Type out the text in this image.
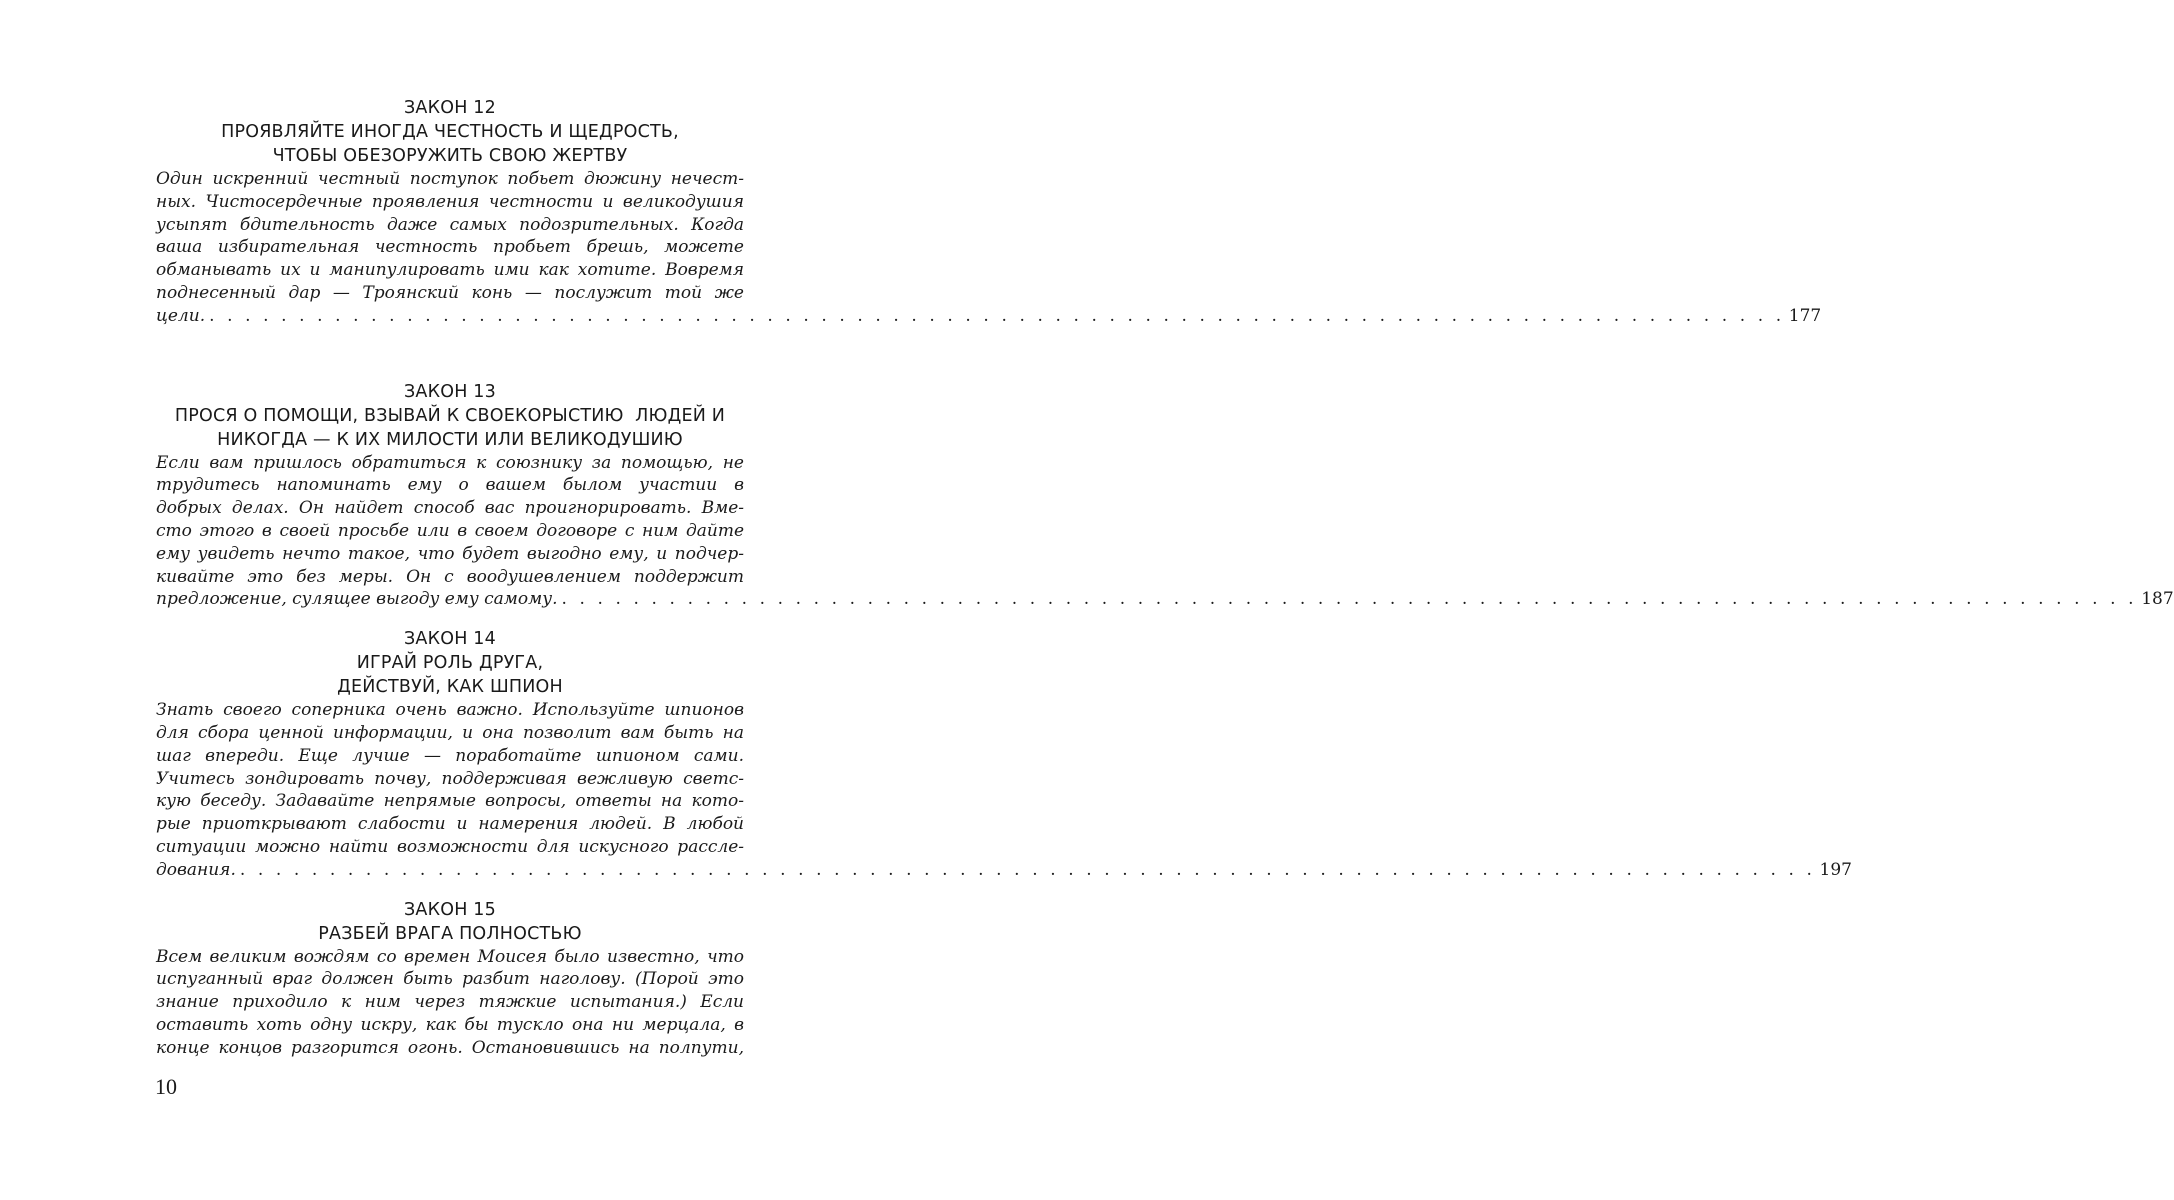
ЗАКОН 12
ПРОЯВЛЯЙТЕ ИНОГДА ЧЕСТНОСТЬ И ЩЕДРОСТЬ,
ЧТОБЫ ОБЕЗОРУЖИТЬ СВОЮ ЖЕРТВУ
Один искренний честный поступок побьет дюжину нечест-
ных. Чистосердечные проявления честности и великодушия
усыпят бдительность даже самых подозрительных. Когда
ваша избирательная честность пробьет брешь, можете
обманывать их и манипулировать ими как хотите. Вовремя
поднесенный дар — Троянский конь — послужит той же
цели. . . . . . . . . . . . . . . . . . . . . . . . . . . . . . . . . . . . . . . . . . . . . . . . . . . . . . . . . . . . . . . . . . . . . . . . . . . . . . . . . . . . . . . . . 177
ЗАКОН 13
ПРОСЯ О ПОМОЩИ, ВЗЫВАЙ К СВОЕКОРЫСТИЮ  ЛЮДЕЙ И
НИКОГДА — К ИХ МИЛОСТИ ИЛИ ВЕЛИКОДУШИЮ
Если вам пришлось обратиться к союзнику за помощью, не
трудитесь напоминать ему о вашем былом участии в
добрых делах. Он найдет способ вас проигнорировать. Вме-
сто этого в своей просьбе или в своем договоре с ним дайте
ему увидеть нечто такое, что будет выгодно ему, и подчер-
кивайте это без меры. Он с воодушевлением поддержит
предложение, сулящее выгоду ему самому. . . . . . . . . . . . . . . . . . . . . . . . . . . . . . . . . . . . . . . . . . . . . . . . . . . . . . . . . . . . . . . . . . . . . . . . . . . . . . . . . . . . . . . . . 187
ЗАКОН 14
ИГРАЙ РОЛЬ ДРУГА,
ДЕЙСТВУЙ, КАК ШПИОН
Знать своего соперника очень важно. Используйте шпионов
для сбора ценной информации, и она позволит вам быть на
шаг впереди. Еще лучше — поработайте шпионом сами.
Учитесь зондировать почву, поддерживая вежливую светс-
кую беседу. Задавайте непрямые вопросы, ответы на кото-
рые приоткрывают слабости и намерения людей. В любой
ситуации можно найти возможности для искусного рассле-
дования. . . . . . . . . . . . . . . . . . . . . . . . . . . . . . . . . . . . . . . . . . . . . . . . . . . . . . . . . . . . . . . . . . . . . . . . . . . . . . . . . . . . . . . . . 197
ЗАКОН 15
РАЗБЕЙ ВРАГА ПОЛНОСТЬЮ
Всем великим вождям со времен Моисея было известно, что
испуганный враг должен быть разбит наголову. (Порой это
знание приходило к ним через тяжкие испытания.) Если
оставить хоть одну искру, как бы тускло она ни мерцала, в
конце концов разгорится огонь. Остановившись на полпути,
10
